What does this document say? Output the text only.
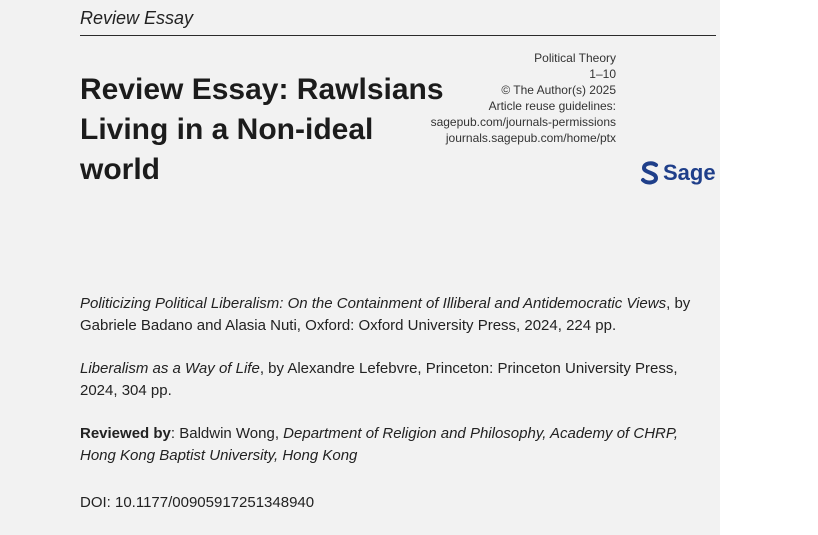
Review Essay
Review Essay: Rawlsians
Living in a Non-ideal
world
Political Theory
1–10
© The Author(s) 2025
Article reuse guidelines:
sagepub.com/journals-permissions
journals.sagepub.com/home/ptx
Sage
Politicizing Political Liberalism: On the Containment of Illiberal and Antidemocratic Views, by Gabriele Badano and Alasia Nuti, Oxford: Oxford University Press, 2024, 224 pp.
Liberalism as a Way of Life, by Alexandre Lefebvre, Princeton: Princeton University Press, 2024, 304 pp.
Reviewed by: Baldwin Wong, Department of Religion and Philosophy, Academy of CHRP, Hong Kong Baptist University, Hong Kong
DOI: 10.1177/00905917251348940
